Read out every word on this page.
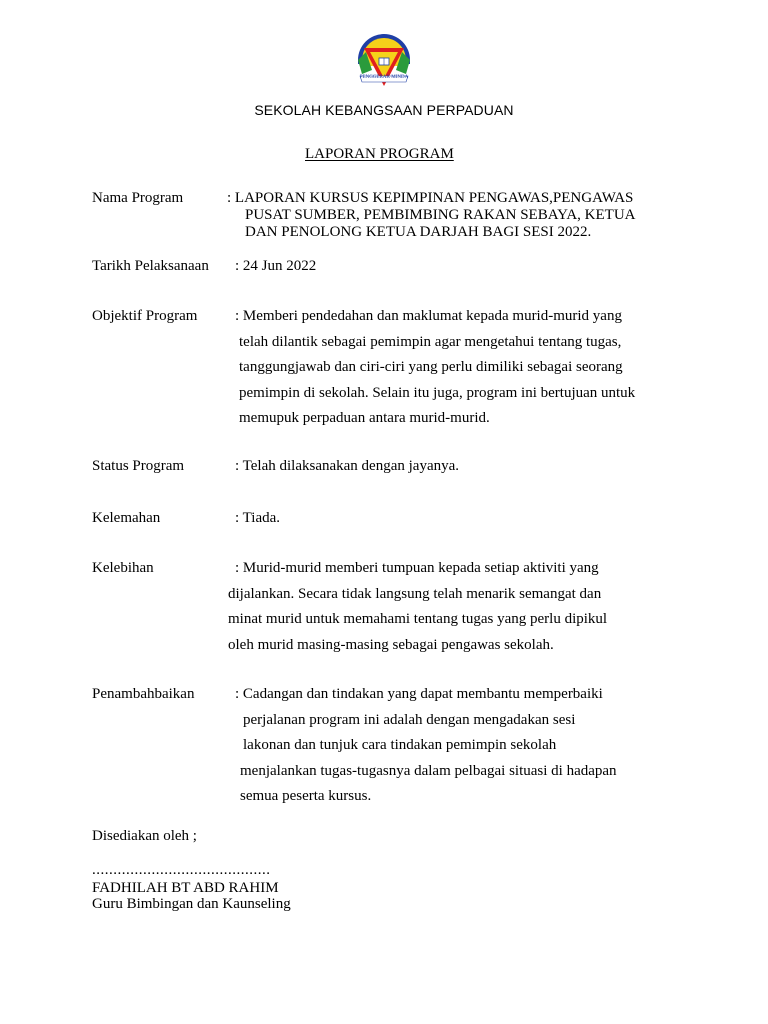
PENGGERAK MINDA
SEKOLAH KEBANGSAAN PERPADUAN
LAPORAN PROGRAM
Nama Program	: LAPORAN KURSUS KEPIMPINAN PENGAWAS,PENGAWAS
PUSAT SUMBER, PEMBIMBING RAKAN SEBAYA, KETUA
DAN PENOLONG KETUA DARJAH BAGI SESI 2022.
Tarikh Pelaksanaan : 24 Jun 2022
Objektif Program	: Memberi pendedahan dan maklumat kepada murid-murid yang
telah dilantik sebagai pemimpin agar mengetahui tentang tugas,
tanggungjawab dan ciri-ciri yang perlu dimiliki sebagai seorang
pemimpin di sekolah. Selain itu juga, program ini bertujuan untuk
memupuk perpaduan antara murid-murid.
Status Program	: Telah dilaksanakan dengan jayanya.
Kelemahan	: Tiada.
Kelebihan	: Murid-murid memberi tumpuan kepada setiap aktiviti yang
dijalankan. Secara tidak langsung telah menarik semangat dan
minat murid untuk memahami tentang tugas yang perlu dipikul
oleh murid masing-masing sebagai pengawas sekolah.
Penambahbaikan	: Cadangan dan tindakan yang dapat membantu memperbaiki
perjalanan program ini adalah dengan mengadakan sesi
lakonan dan tunjuk cara tindakan pemimpin sekolah
menjalankan tugas-tugasnya dalam pelbagai situasi di hadapan
semua peserta kursus.
Disediakan oleh ;
..........................................
FADHILAH BT ABD RAHIM
Guru Bimbingan dan Kaunseling
